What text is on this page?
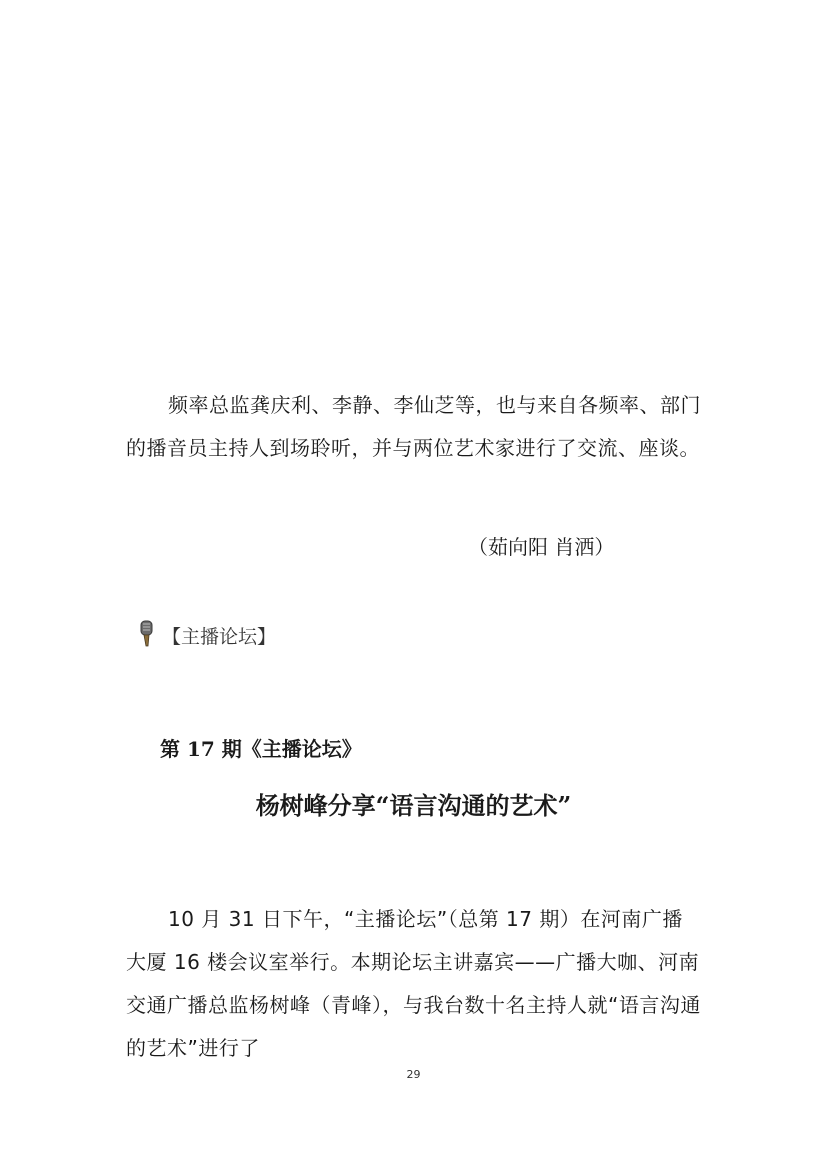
频率总监龚庆利、李静、李仙芝等，也与来自各频率、部门的播音员主持人到场聆听，并与两位艺术家进行了交流、座谈。

（茹向阳 肖洒）

【主播论坛】

第 17 期《主播论坛》

杨树峰分享“语言沟通的艺术”

10 月 31 日下午，“主播论坛”（总第 17 期）在河南广播大厦 16 楼会议室举行。本期论坛主讲嘉宾——广播大咖、河南交通广播总监杨树峰（青峰），与我台数十名主持人就“语言沟通的艺术”进行了

29
